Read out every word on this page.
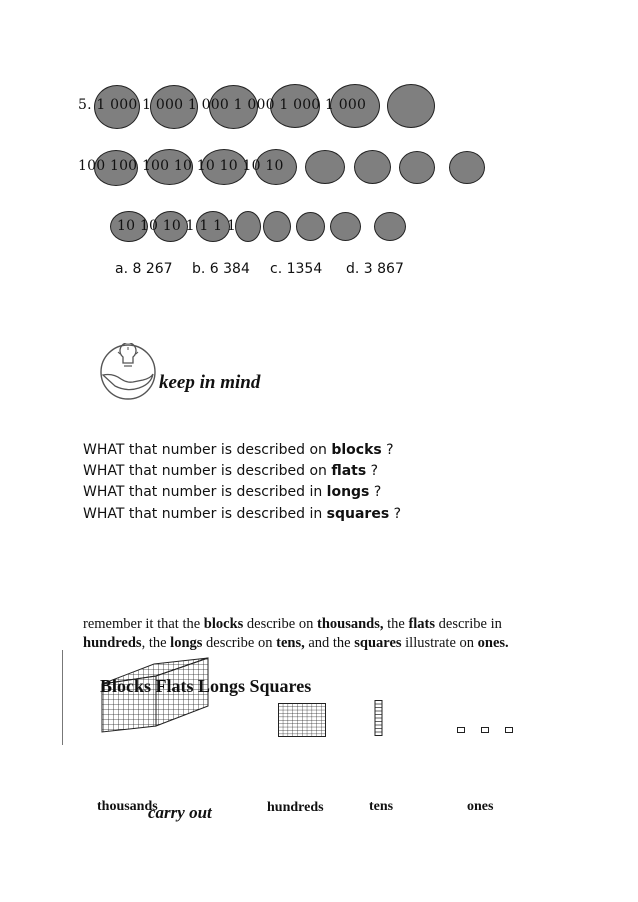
5. 1 000 1 000 1 000 1 000 1 000 1 000
100 100 100 10 10 10 10 10
10 10 10 1 1 1 1
a. 8 267 b. 6 384 c. 1354 d. 3 867
keep in mind
WHAT that number is described on blocks ?
WHAT that number is described on flats ?
WHAT that number is described in longs ?
WHAT that number is described in squares ?
remember it that the blocks describe on thousands, the flats describe in hundreds, the longs describe on tens, and the squares illustrate on ones.
Blocks Flats Longs Squares
thousands	hundreds	tens	ones
carry out
